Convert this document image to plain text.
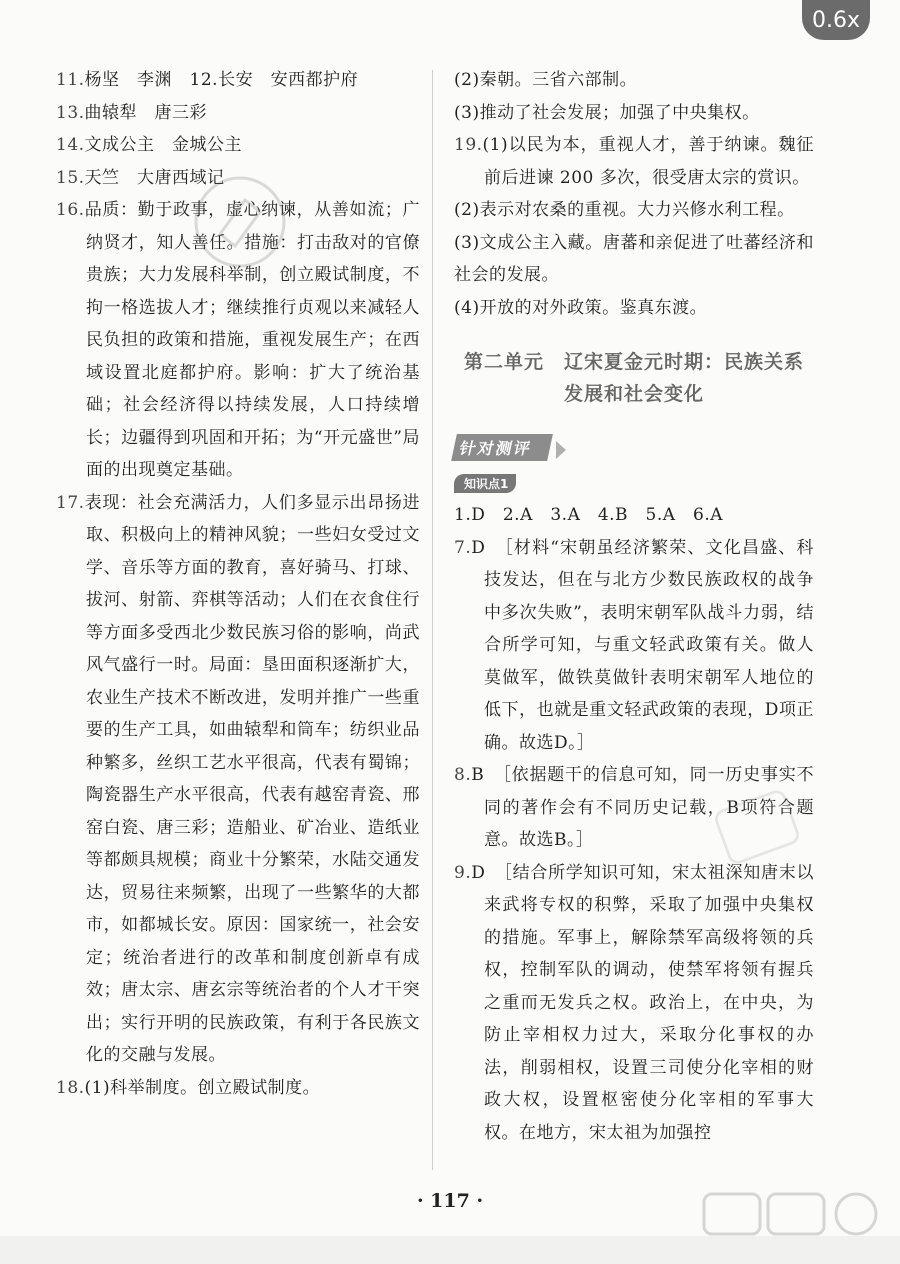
0.6x
11.杨坚　李渊　12.长安　安西都护府
13.曲辕犁　唐三彩
14.文成公主　金城公主
15.天竺　大唐西域记
16.品质：勤于政事，虚心纳谏，从善如流；广纳贤才，知人善任。措施：打击敌对的官僚贵族；大力发展科举制，创立殿试制度，不拘一格选拔人才；继续推行贞观以来减轻人民负担的政策和措施，重视发展生产；在西域设置北庭都护府。影响：扩大了统治基础；社会经济得以持续发展，人口持续增长；边疆得到巩固和开拓；为“开元盛世”局面的出现奠定基础。
17.表现：社会充满活力，人们多显示出昂扬进取、积极向上的精神风貌；一些妇女受过文学、音乐等方面的教育，喜好骑马、打球、拔河、射箭、弈棋等活动；人们在衣食住行等方面多受西北少数民族习俗的影响，尚武风气盛行一时。局面：垦田面积逐渐扩大，农业生产技术不断改进，发明并推广一些重要的生产工具，如曲辕犁和筒车；纺织业品种繁多，丝织工艺水平很高，代表有蜀锦；陶瓷器生产水平很高，代表有越窑青瓷、邢窑白瓷、唐三彩；造船业、矿冶业、造纸业等都颇具规模；商业十分繁荣，水陆交通发达，贸易往来频繁，出现了一些繁华的大都市，如都城长安。原因：国家统一，社会安定；统治者进行的改革和制度创新卓有成效；唐太宗、唐玄宗等统治者的个人才干突出；实行开明的民族政策，有利于各民族文化的交融与发展。
18.(1)科举制度。创立殿试制度。
(2)秦朝。三省六部制。
(3)推动了社会发展；加强了中央集权。
19.(1)以民为本，重视人才，善于纳谏。魏征前后进谏 200 多次，很受唐太宗的赏识。
(2)表示对农桑的重视。大力兴修水利工程。
(3)文成公主入藏。唐蕃和亲促进了吐蕃经济和社会的发展。
(4)开放的对外政策。鉴真东渡。
第二单元　辽宋夏金元时期：民族关系
发展和社会变化
针对测评
知识点1
1.D　2.A　3.A　4.B　5.A　6.A
7.D　［材料“宋朝虽经济繁荣、文化昌盛、科技发达，但在与北方少数民族政权的战争中多次失败”，表明宋朝军队战斗力弱，结合所学可知，与重文轻武政策有关。做人莫做军，做铁莫做针表明宋朝军人地位的低下，也就是重文轻武政策的表现，D项正确。故选D。］
8.B　［依据题干的信息可知，同一历史事实不同的著作会有不同历史记载，B项符合题意。故选B。］
9.D　［结合所学知识可知，宋太祖深知唐末以来武将专权的积弊，采取了加强中央集权的措施。军事上，解除禁军高级将领的兵权，控制军队的调动，使禁军将领有握兵之重而无发兵之权。政治上，在中央，为防止宰相权力过大，采取分化事权的办法，削弱相权，设置三司使分化宰相的财政大权，设置枢密使分化宰相的军事大权。在地方，宋太祖为加强控
· 117 ·
